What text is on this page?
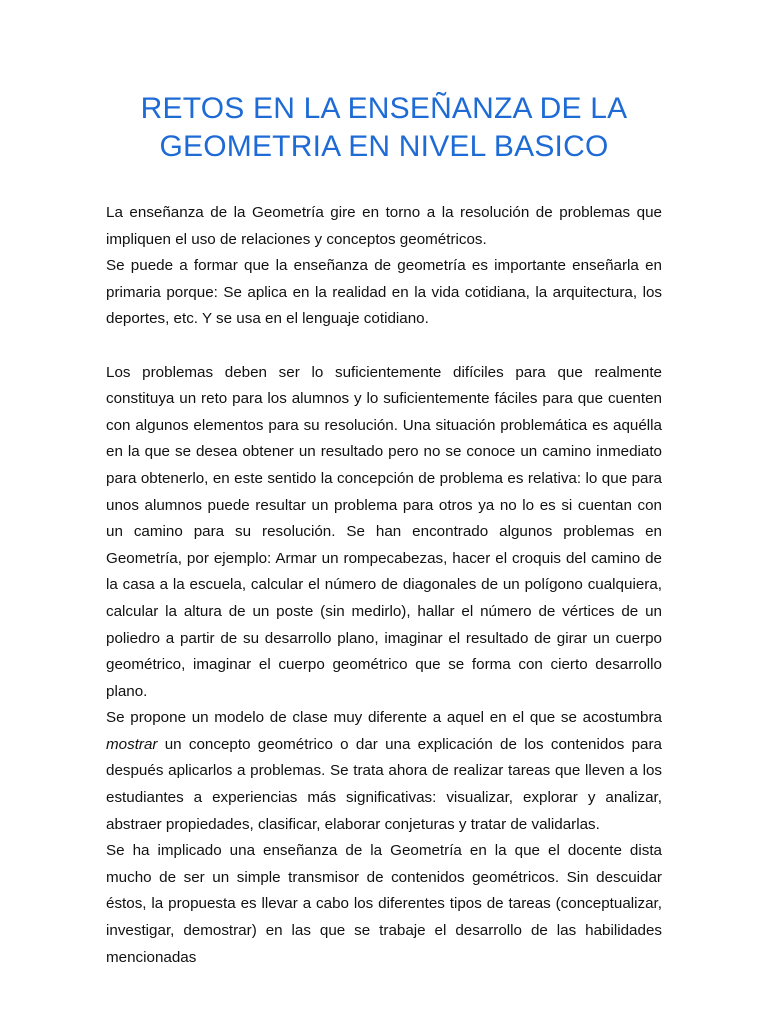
RETOS EN LA ENSEÑANZA DE LA
GEOMETRIA EN NIVEL BASICO

La enseñanza de la Geometría gire en torno a la resolución de problemas que impliquen el uso de relaciones y conceptos geométricos.

Se puede a formar que la enseñanza de geometría es importante enseñarla en primaria porque: Se aplica en la realidad en la vida cotidiana, la arquitectura, los deportes, etc. Y se usa en el lenguaje cotidiano.

Los problemas deben ser lo suficientemente difíciles para que realmente constituya un reto para los alumnos y lo suficientemente fáciles para que cuenten con algunos elementos para su resolución. Una situación problemática es aquélla en la que se desea obtener un resultado pero no se conoce un camino inmediato para obtenerlo, en este sentido la concepción de problema es relativa: lo que para unos alumnos puede resultar un problema para otros ya no lo es si cuentan con un camino para su resolución. Se han encontrado algunos problemas en Geometría, por ejemplo: Armar un rompecabezas, hacer el croquis del camino de la casa a la escuela, calcular el número de diagonales de un polígono cualquiera, calcular la altura de un poste (sin medirlo), hallar el número de vértices de un poliedro a partir de su desarrollo plano, imaginar el resultado de girar un cuerpo geométrico, imaginar el cuerpo geométrico que se forma con cierto desarrollo plano.

Se propone un modelo de clase muy diferente a aquel en el que se acostumbra mostrar un concepto geométrico o dar una explicación de los contenidos para después aplicarlos a problemas. Se trata ahora de realizar tareas que lleven a los estudiantes a experiencias más significativas: visualizar, explorar y analizar, abstraer propiedades, clasificar, elaborar conjeturas y tratar de validarlas.

Se ha implicado una enseñanza de la Geometría en la que el docente dista mucho de ser un simple transmisor de contenidos geométricos. Sin descuidar éstos, la propuesta es llevar a cabo los diferentes tipos de tareas (conceptualizar, investigar, demostrar) en las que se trabaje el desarrollo de las habilidades mencionadas
